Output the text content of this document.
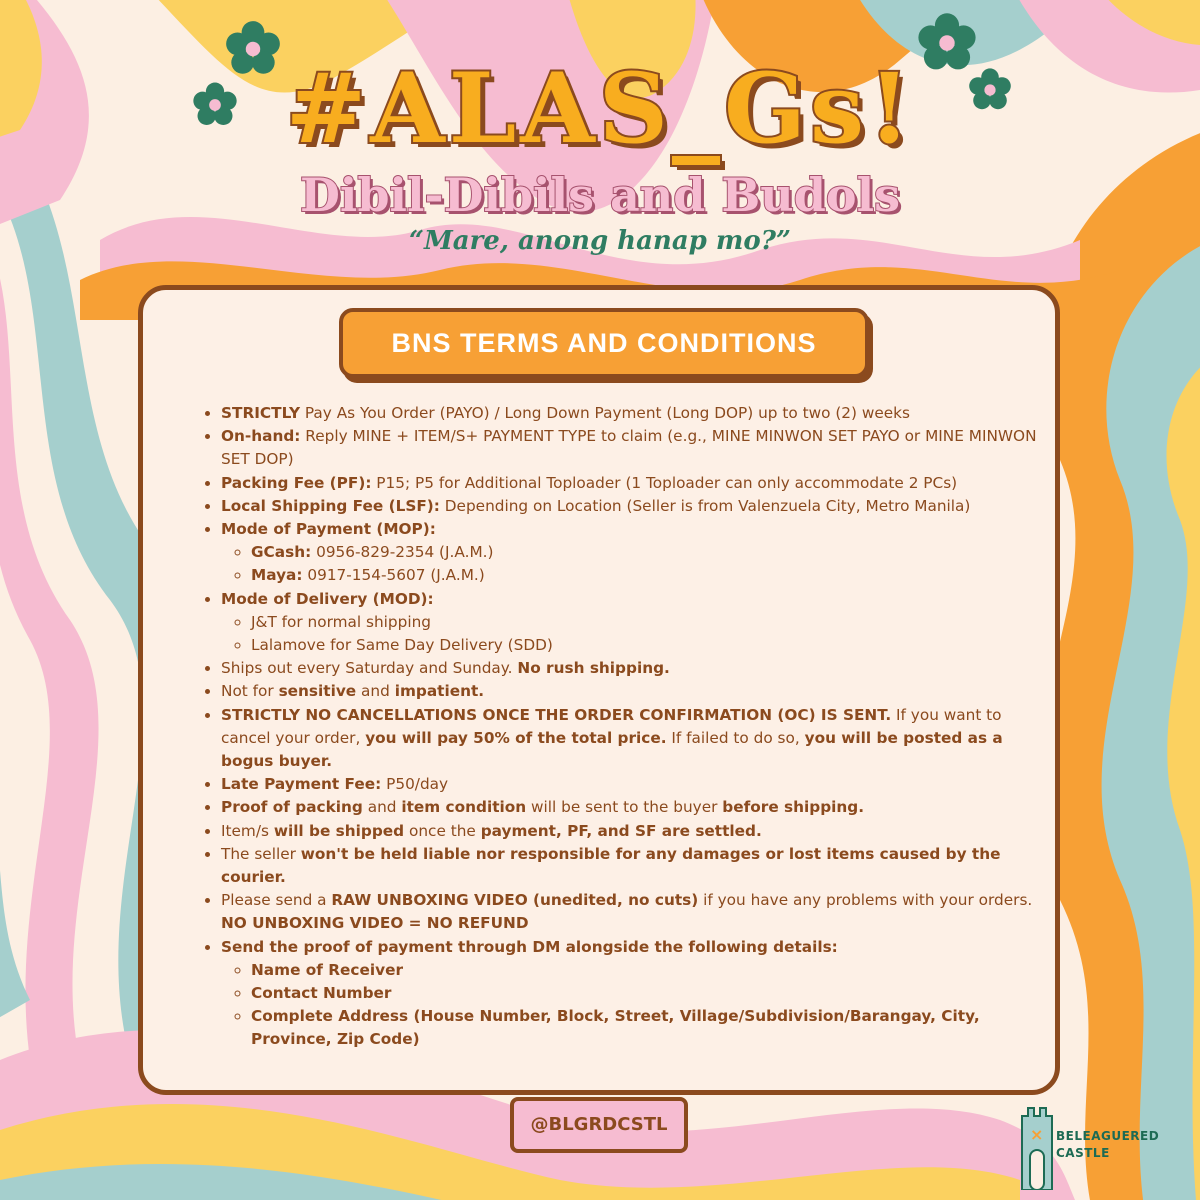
#ALAS_Gs!
Dibil-Dibils and Budols
“Mare, anong hanap mo?”
BNS TERMS AND CONDITIONS
• STRICTLY Pay As You Order (PAYO) / Long Down Payment (Long DOP) up to two (2) weeks
• On-hand: Reply MINE + ITEM/S+ PAYMENT TYPE to claim (e.g., MINE MINWON SET PAYO or MINE MINWON SET DOP)
• Packing Fee (PF): P15; P5 for Additional Toploader (1 Toploader can only accommodate 2 PCs)
• Local Shipping Fee (LSF): Depending on Location (Seller is from Valenzuela City, Metro Manila)
• Mode of Payment (MOP):
◦ GCash: 0956-829-2354 (J.A.M.)
◦ Maya: 0917-154-5607 (J.A.M.)
• Mode of Delivery (MOD):
◦ J&T for normal shipping
◦ Lalamove for Same Day Delivery (SDD)
• Ships out every Saturday and Sunday. No rush shipping.
• Not for sensitive and impatient.
• STRICTLY NO CANCELLATIONS ONCE THE ORDER CONFIRMATION (OC) IS SENT. If you want to cancel your order, you will pay 50% of the total price. If failed to do so, you will be posted as a bogus buyer.
• Late Payment Fee: P50/day
• Proof of packing and item condition will be sent to the buyer before shipping.
• Item/s will be shipped once the payment, PF, and SF are settled.
• The seller won't be held liable nor responsible for any damages or lost items caused by the courier.
• Please send a RAW UNBOXING VIDEO (unedited, no cuts) if you have any problems with your orders. NO UNBOXING VIDEO = NO REFUND
• Send the proof of payment through DM alongside the following details:
◦ Name of Receiver
◦ Contact Number
◦ Complete Address (House Number, Block, Street, Village/Subdivision/Barangay, City, Province, Zip Code)
@BLGRDCSTL	× BELEAGUERED
CASTLE
